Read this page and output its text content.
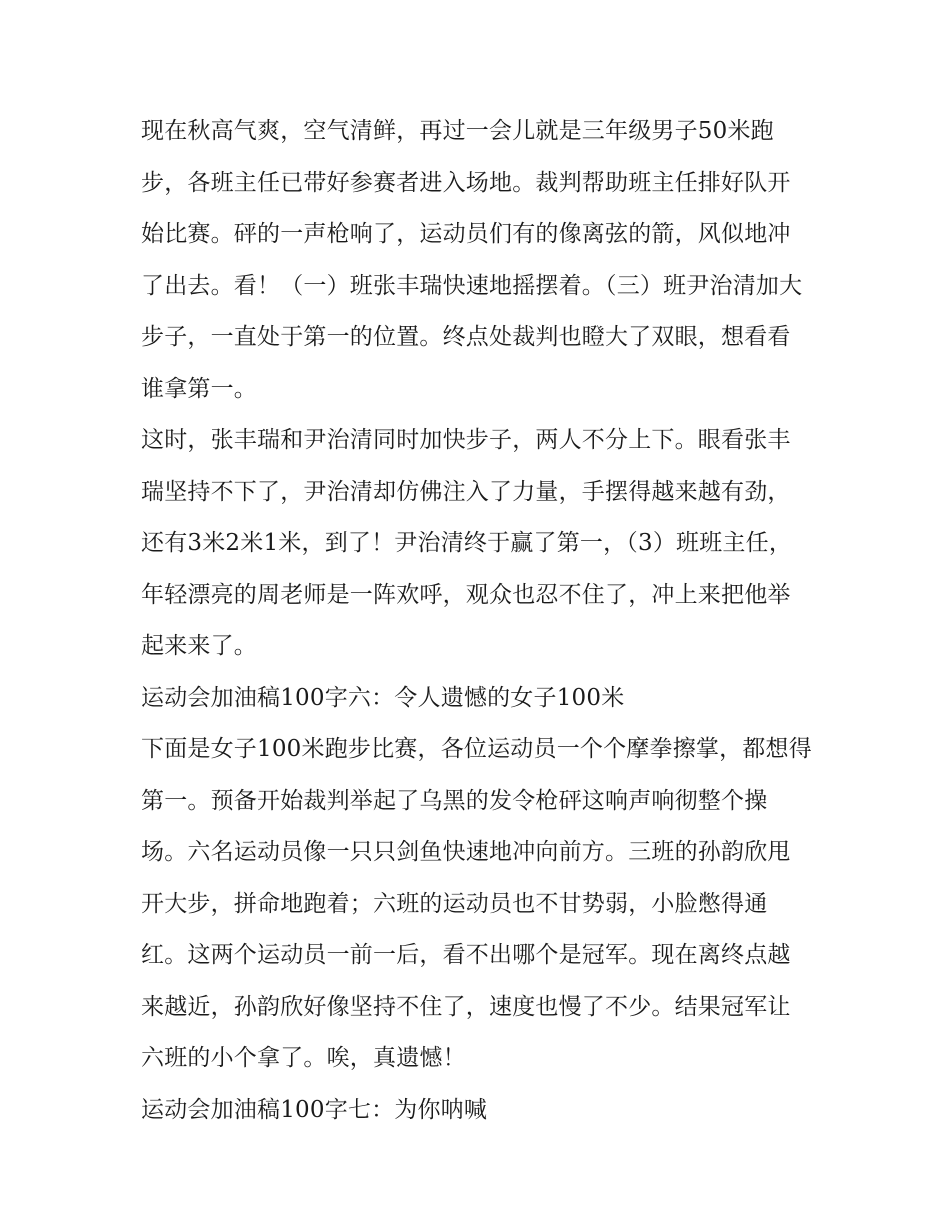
现在秋高气爽，空气清鲜，再过一会儿就是三年级男子50米跑步，各班主任已带好参赛者进入场地。裁判帮助班主任排好队开始比赛。砰的一声枪响了，运动员们有的像离弦的箭，风似地冲了出去。看！（一）班张丰瑞快速地摇摆着。（三）班尹治清加大步子，一直处于第一的位置。终点处裁判也瞪大了双眼，想看看谁拿第一。

这时，张丰瑞和尹治清同时加快步子，两人不分上下。眼看张丰瑞坚持不下了，尹治清却仿佛注入了力量，手摆得越来越有劲，还有3米2米1米，到了！尹治清终于赢了第一，（3）班班主任，年轻漂亮的周老师是一阵欢呼，观众也忍不住了，冲上来把他举起来来了。

运动会加油稿100字六：令人遗憾的女子100米

下面是女子100米跑步比赛，各位运动员一个个摩拳擦掌，都想得第一。预备开始裁判举起了乌黑的发令枪砰这响声响彻整个操场。六名运动员像一只只剑鱼快速地冲向前方。三班的孙韵欣甩开大步，拼命地跑着；六班的运动员也不甘势弱，小脸憋得通红。这两个运动员一前一后，看不出哪个是冠军。现在离终点越来越近，孙韵欣好像坚持不住了，速度也慢了不少。结果冠军让六班的小个拿了。唉，真遗憾！

运动会加油稿100字七：为你呐喊
